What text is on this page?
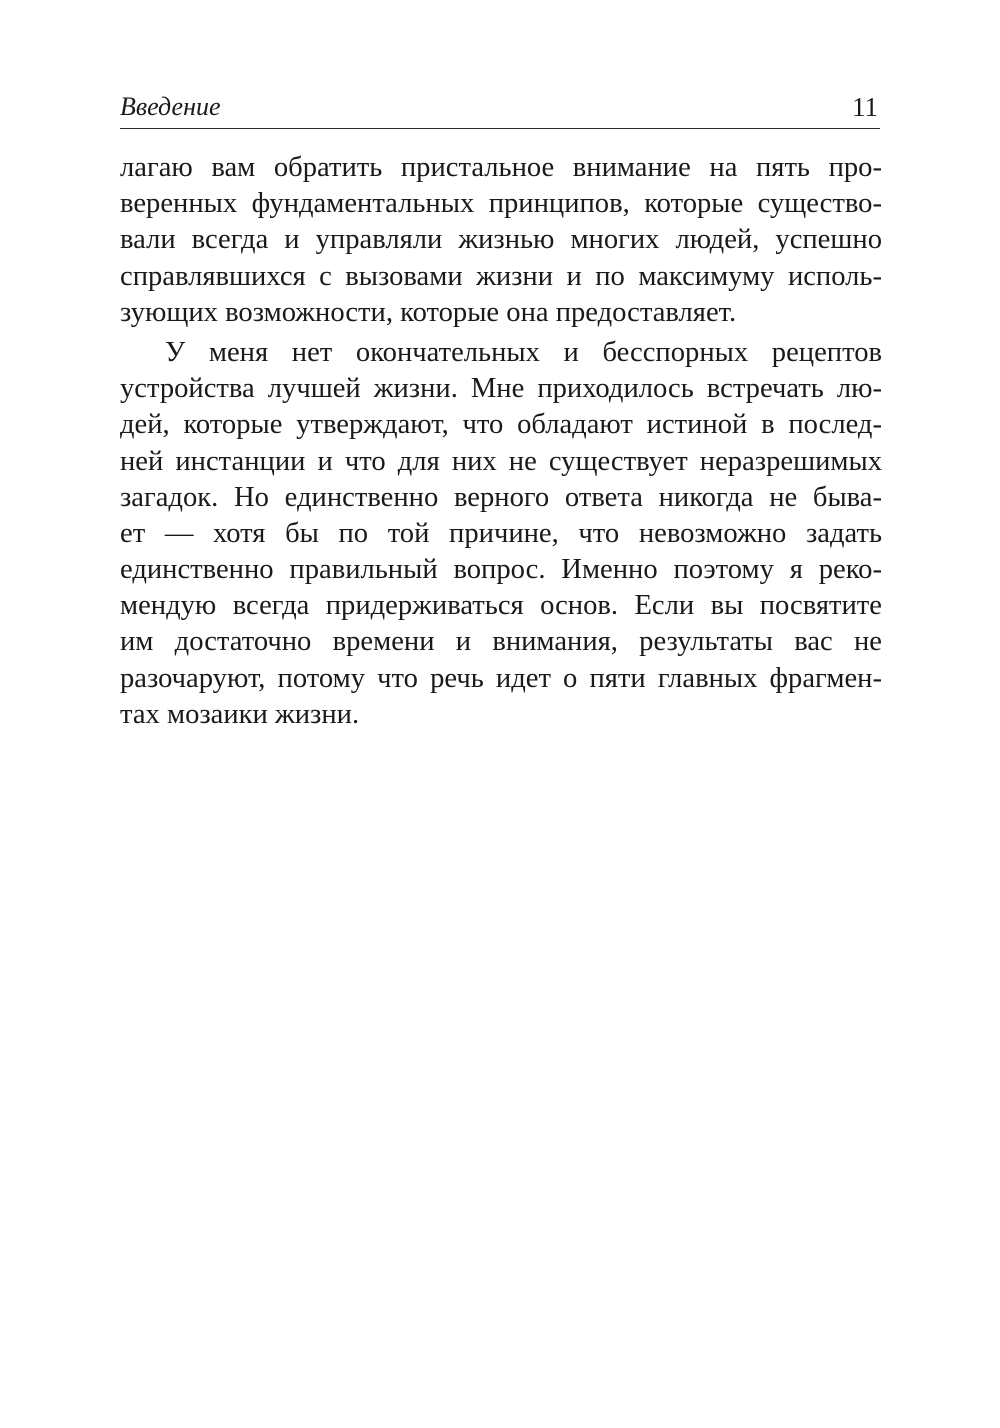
Введение	11
лагаю вам обратить пристальное внимание на пять про-
веренных фундаментальных принципов, которые существо-
вали всегда и управляли жизнью многих людей, успешно
справлявшихся с вызовами жизни и по максимуму исполь-
зующих возможности, которые она предоставляет.
У меня нет окончательных и бесспорных рецептов
устройства лучшей жизни. Мне приходилось встречать лю-
дей, которые утверждают, что обладают истиной в послед-
ней инстанции и что для них не существует неразрешимых
загадок. Но единственно верного ответа никогда не быва-
ет — хотя бы по той причине, что невозможно задать
единственно правильный вопрос. Именно поэтому я реко-
мендую всегда придерживаться основ. Если вы посвятите
им достаточно времени и внимания, результаты вас не
разочаруют, потому что речь идет о пяти главных фрагмен-
тах мозаики жизни.
